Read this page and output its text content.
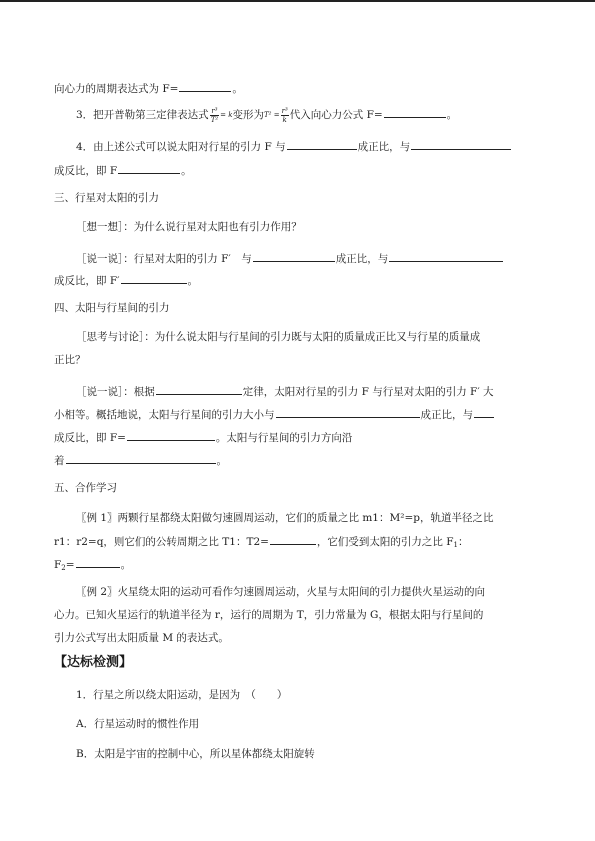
向心力的周期表达式为 F=	。
3．把开普勒第三定律表达式 $\frac{\text{r³}}{\text{T²}} = k$变形为$T^2 = \frac{\text{r³}}{k}$ 代入向心力公式 F=	。
4．由上述公式可以说太阳对行星的引力 F 与	成正比，与
成反比，即 F	。
三、行星对太阳的引力
［想一想］：为什么说行星对太阳也有引力作用？
［说一说］：行星对太阳的引力 F′　与	成正比，与
成反比，即 F′	。
四、太阳与行星间的引力
［思考与讨论］：为什么说太阳与行星间的引力既与太阳的质量成正比又与行星的质量成
正比？
［说一说］：根据	定律，太阳对行星的引力 F 与行星对太阳的引力 F′ 大
小相等。概括地说，太阳与行星间的引力大小与	成正比，与
成反比，即 F=	。太阳与行星间的引力方向沿
着	。
五、合作学习
〖例 1〗两颗行星都绕太阳做匀速圆周运动，它们的质量之比 m1：M²=p，轨道半径之比
r1：r2=q，则它们的公转周期之比 T1：T2=	，它们受到太阳的引力之比 $F_1$：
$F_2=$	。
〖例 2〗火星绕太阳的运动可看作匀速圆周运动，火星与太阳间的引力提供火星运动的向
心力。已知火星运行的轨道半径为 r，运行的周期为 T，引力常量为 G，根据太阳与行星间的
引力公式写出太阳质量 M 的表达式。
【达标检测】
1．行星之所以绕太阳运动，是因为　（　　）
A．行星运动时的惯性作用
B．太阳是宇宙的控制中心，所以星体都绕太阳旋转
